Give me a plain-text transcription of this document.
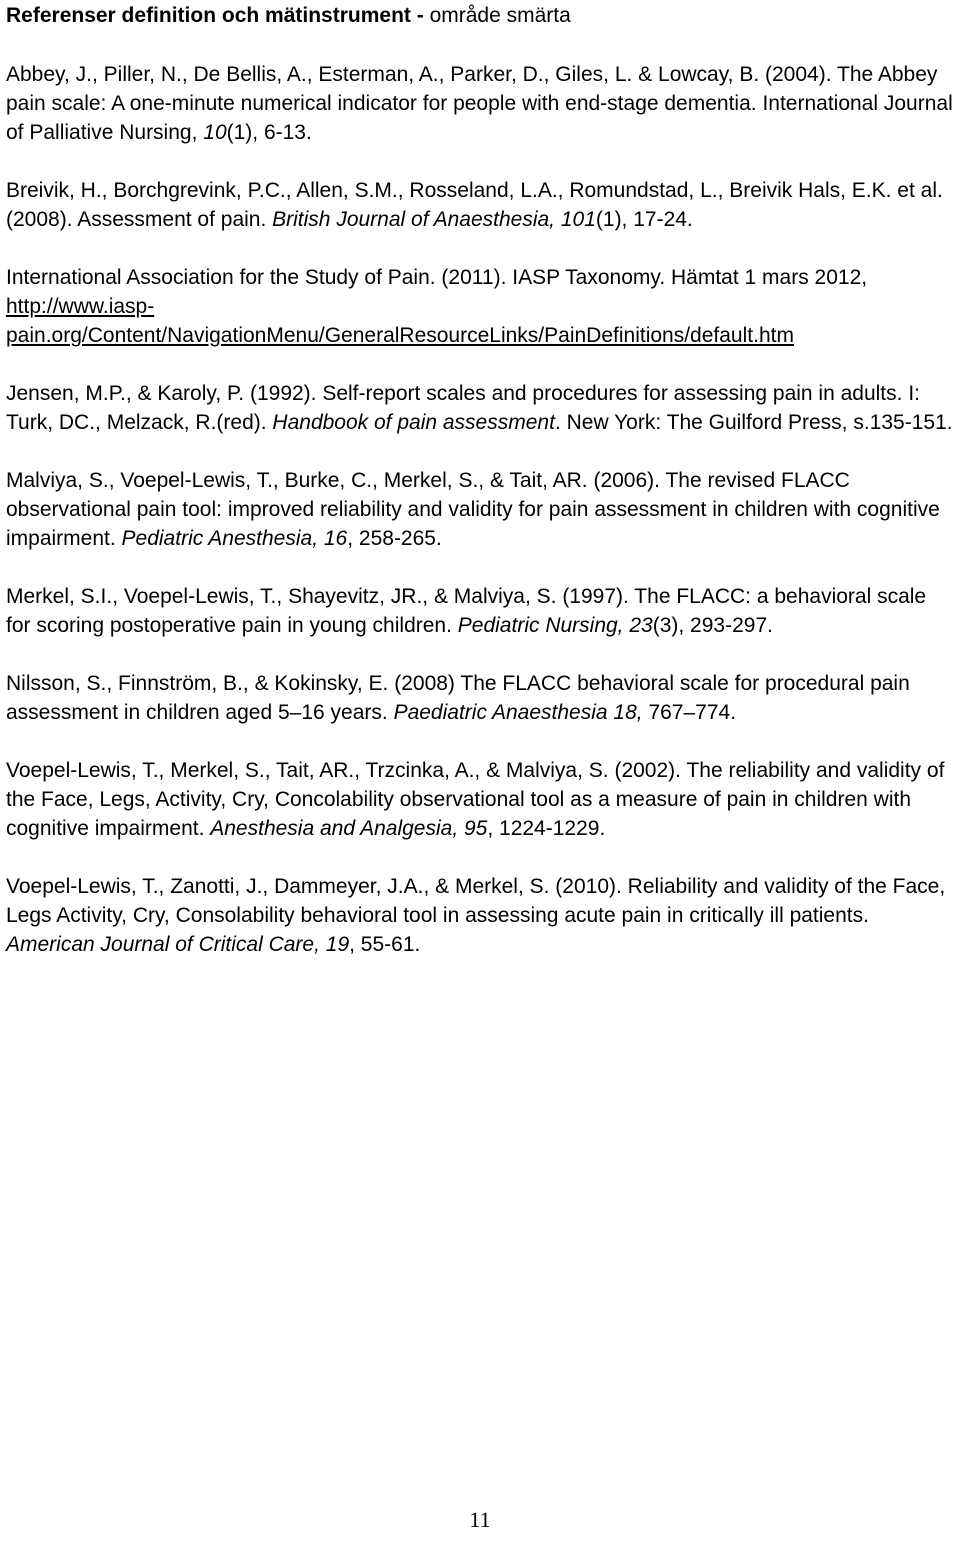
Referenser definition och mätinstrument - område smärta

Abbey, J., Piller, N., De Bellis, A., Esterman, A., Parker, D., Giles, L. & Lowcay, B. (2004). The Abbey pain scale: A one-minute numerical indicator for people with end-stage dementia. International Journal of Palliative Nursing, 10(1), 6-13.

Breivik, H., Borchgrevink, P.C., Allen, S.M., Rosseland, L.A., Romundstad, L., Breivik Hals, E.K. et al. (2008). Assessment of pain. British Journal of Anaesthesia, 101(1), 17-24.

International Association for the Study of Pain. (2011). IASP Taxonomy. Hämtat 1 mars 2012,
http://www.iasp-
pain.org/Content/NavigationMenu/GeneralResourceLinks/PainDefinitions/default.htm

Jensen, M.P., & Karoly, P. (1992). Self-report scales and procedures for assessing pain in adults. I: Turk, DC., Melzack, R.(red). Handbook of pain assessment. New York: The Guilford Press, s.135-151.

Malviya, S., Voepel-Lewis, T., Burke, C., Merkel, S., & Tait, AR. (2006). The revised FLACC observational pain tool: improved reliability and validity for pain assessment in children with cognitive impairment. Pediatric Anesthesia, 16, 258-265.

Merkel, S.I., Voepel-Lewis, T., Shayevitz, JR., & Malviya, S. (1997). The FLACC: a behavioral scale for scoring postoperative pain in young children. Pediatric Nursing, 23(3), 293-297.

Nilsson, S., Finnström, B., & Kokinsky, E. (2008) The FLACC behavioral scale for procedural pain assessment in children aged 5–16 years. Paediatric Anaesthesia 18, 767–774.

Voepel-Lewis, T., Merkel, S., Tait, AR., Trzcinka, A., & Malviya, S. (2002). The reliability and validity of the Face, Legs, Activity, Cry, Concolability observational tool as a measure of pain in children with cognitive impairment. Anesthesia and Analgesia, 95, 1224-1229.

Voepel-Lewis, T., Zanotti, J., Dammeyer, J.A., & Merkel, S. (2010). Reliability and validity of the Face, Legs Activity, Cry, Consolability behavioral tool in assessing acute pain in critically ill patients. American Journal of Critical Care, 19, 55-61.

11
